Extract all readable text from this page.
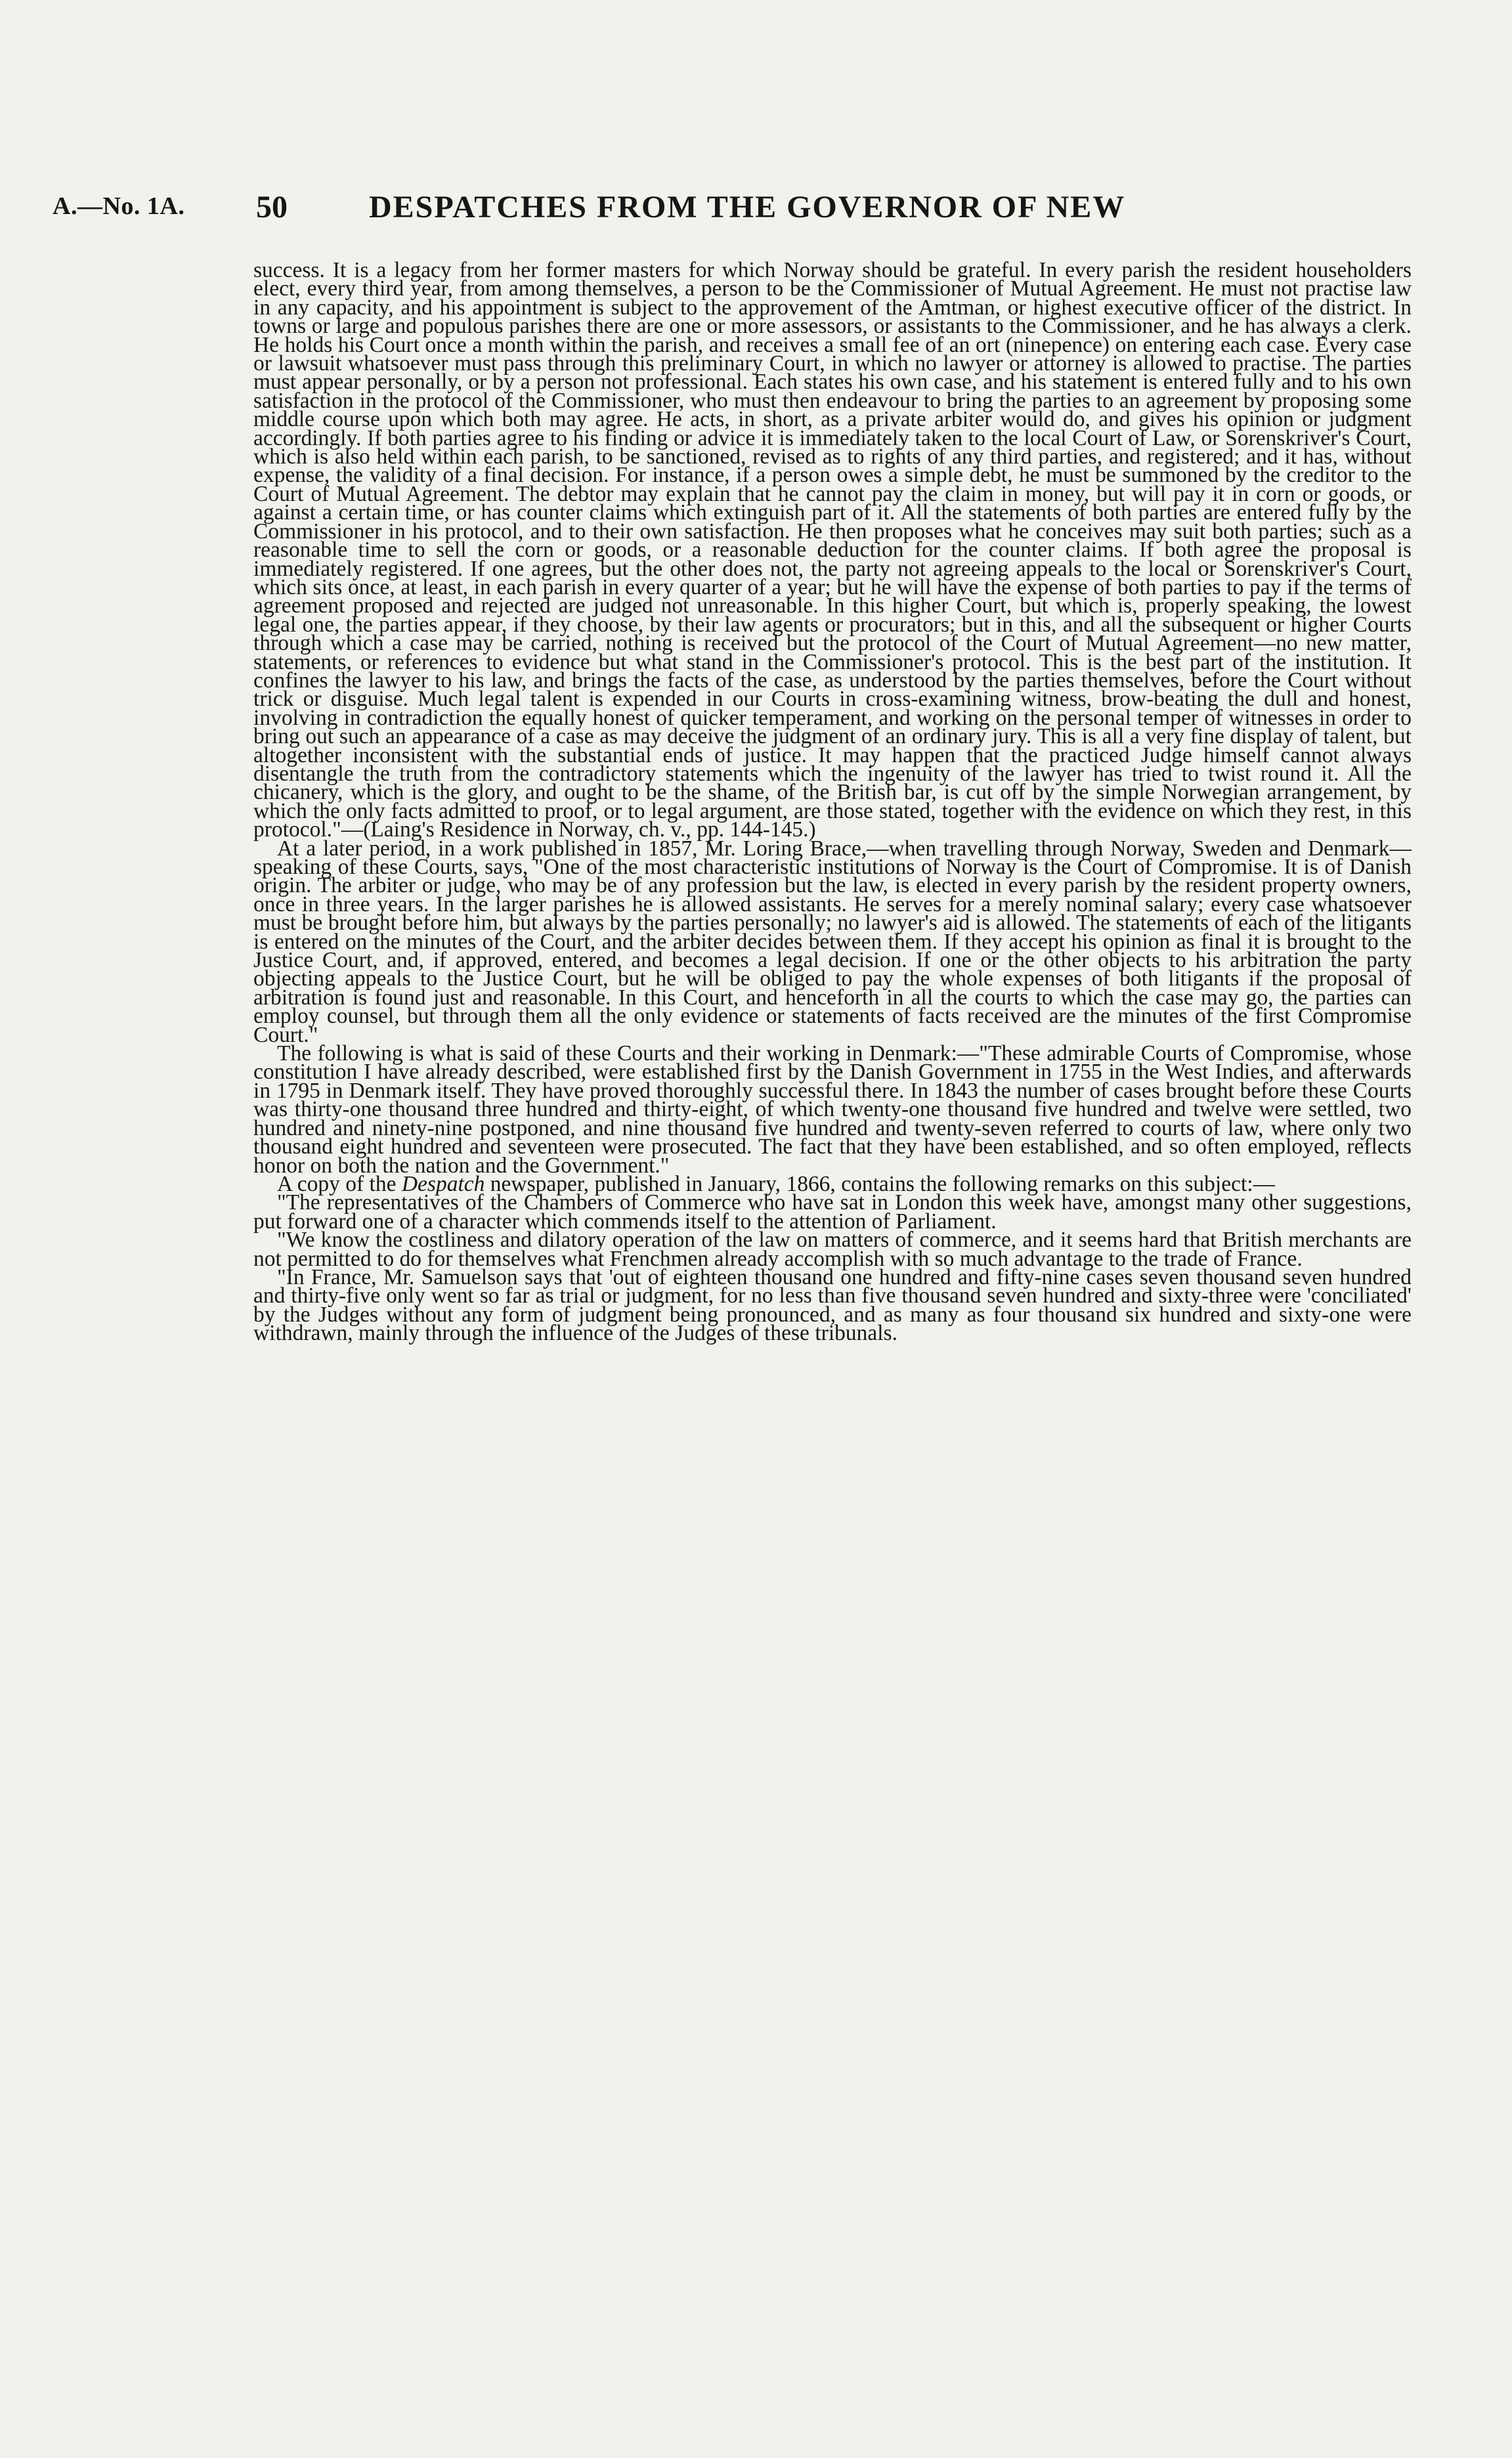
A.—No. 1A. 50	DESPATCHES FROM THE GOVERNOR OF NEW

success. It is a legacy from her former masters for which Norway should be grateful. In every parish the resident householders elect, every third year, from among themselves, a person to be the Commissioner of Mutual Agreement. He must not practise law in any capacity, and his appointment is subject to the approvement of the Amtman, or highest executive officer of the district. In towns or large and populous parishes there are one or more assessors, or assistants to the Commissioner, and he has always a clerk. He holds his Court once a month within the parish, and receives a small fee of an ort (ninepence) on entering each case. Every case or lawsuit whatsoever must pass through this preliminary Court, in which no lawyer or attorney is allowed to practise. The parties must appear personally, or by a person not professional. Each states his own case, and his statement is entered fully and to his own satisfaction in the protocol of the Commissioner, who must then endeavour to bring the parties to an agreement by proposing some middle course upon which both may agree. He acts, in short, as a private arbiter would do, and gives his opinion or judgment accordingly. If both parties agree to his finding or advice it is immediately taken to the local Court of Law, or Sorenskriver's Court, which is also held within each parish, to be sanctioned, revised as to rights of any third parties, and registered; and it has, without expense, the validity of a final decision. For instance, if a person owes a simple debt, he must be summoned by the creditor to the Court of Mutual Agreement. The debtor may explain that he cannot pay the claim in money, but will pay it in corn or goods, or against a certain time, or has counter claims which extinguish part of it. All the statements of both parties are entered fully by the Commissioner in his protocol, and to their own satisfaction. He then proposes what he conceives may suit both parties; such as a reasonable time to sell the corn or goods, or a reasonable deduction for the counter claims. If both agree the proposal is immediately registered. If one agrees, but the other does not, the party not agreeing appeals to the local or Sorenskriver's Court, which sits once, at least, in each parish in every quarter of a year; but he will have the expense of both parties to pay if the terms of agreement proposed and rejected are judged not unreasonable. In this higher Court, but which is, properly speaking, the lowest legal one, the parties appear, if they choose, by their law agents or procurators; but in this, and all the subsequent or higher Courts through which a case may be carried, nothing is received but the protocol of the Court of Mutual Agreement—no new matter, statements, or references to evidence but what stand in the Commissioner's protocol. This is the best part of the institution. It confines the lawyer to his law, and brings the facts of the case, as understood by the parties themselves, before the Court without trick or disguise. Much legal talent is expended in our Courts in cross-examining witness, brow-beating the dull and honest, involving in contradiction the equally honest of quicker temperament, and working on the personal temper of witnesses in order to bring out such an appearance of a case as may deceive the judgment of an ordinary jury. This is all a very fine display of talent, but altogether inconsistent with the substantial ends of justice. It may happen that the practiced Judge himself cannot always disentangle the truth from the contradictory statements which the ingenuity of the lawyer has tried to twist round it. All the chicanery, which is the glory, and ought to be the shame, of the British bar, is cut off by the simple Norwegian arrangement, by which the only facts admitted to proof, or to legal argument, are those stated, together with the evidence on which they rest, in this protocol."—(Laing's Residence in Norway, ch. v., pp. 144-145.)

At a later period, in a work published in 1857, Mr. Loring Brace,—when travelling through Norway, Sweden and Denmark—speaking of these Courts, says, "One of the most characteristic institutions of Norway is the Court of Compromise. It is of Danish origin. The arbiter or judge, who may be of any profession but the law, is elected in every parish by the resident property owners, once in three years. In the larger parishes he is allowed assistants. He serves for a merely nominal salary; every case whatsoever must be brought before him, but always by the parties personally; no lawyer's aid is allowed. The statements of each of the litigants is entered on the minutes of the Court, and the arbiter decides between them. If they accept his opinion as final it is brought to the Justice Court, and, if approved, entered, and becomes a legal decision. If one or the other objects to his arbitration the party objecting appeals to the Justice Court, but he will be obliged to pay the whole expenses of both litigants if the proposal of arbitration is found just and reasonable. In this Court, and henceforth in all the courts to which the case may go, the parties can employ counsel, but through them all the only evidence or statements of facts received are the minutes of the first Compromise Court."

The following is what is said of these Courts and their working in Denmark:—"These admirable Courts of Compromise, whose constitution I have already described, were established first by the Danish Government in 1755 in the West Indies, and afterwards in 1795 in Denmark itself. They have proved thoroughly successful there. In 1843 the number of cases brought before these Courts was thirty-one thousand three hundred and thirty-eight, of which twenty-one thousand five hundred and twelve were settled, two hundred and ninety-nine postponed, and nine thousand five hundred and twenty-seven referred to courts of law, where only two thousand eight hundred and seventeen were prosecuted. The fact that they have been established, and so often employed, reflects honor on both the nation and the Government."

A copy of the Despatch newspaper, published in January, 1866, contains the following remarks on this subject:—

"The representatives of the Chambers of Commerce who have sat in London this week have, amongst many other suggestions, put forward one of a character which commends itself to the attention of Parliament.

"We know the costliness and dilatory operation of the law on matters of commerce, and it seems hard that British merchants are not permitted to do for themselves what Frenchmen already accomplish with so much advantage to the trade of France.

"In France, Mr. Samuelson says that 'out of eighteen thousand one hundred and fifty-nine cases seven thousand seven hundred and thirty-five only went so far as trial or judgment, for no less than five thousand seven hundred and sixty-three were 'conciliated' by the Judges without any form of judgment being pronounced, and as many as four thousand six hundred and sixty-one were withdrawn, mainly through the influence of the Judges of these tribunals.
